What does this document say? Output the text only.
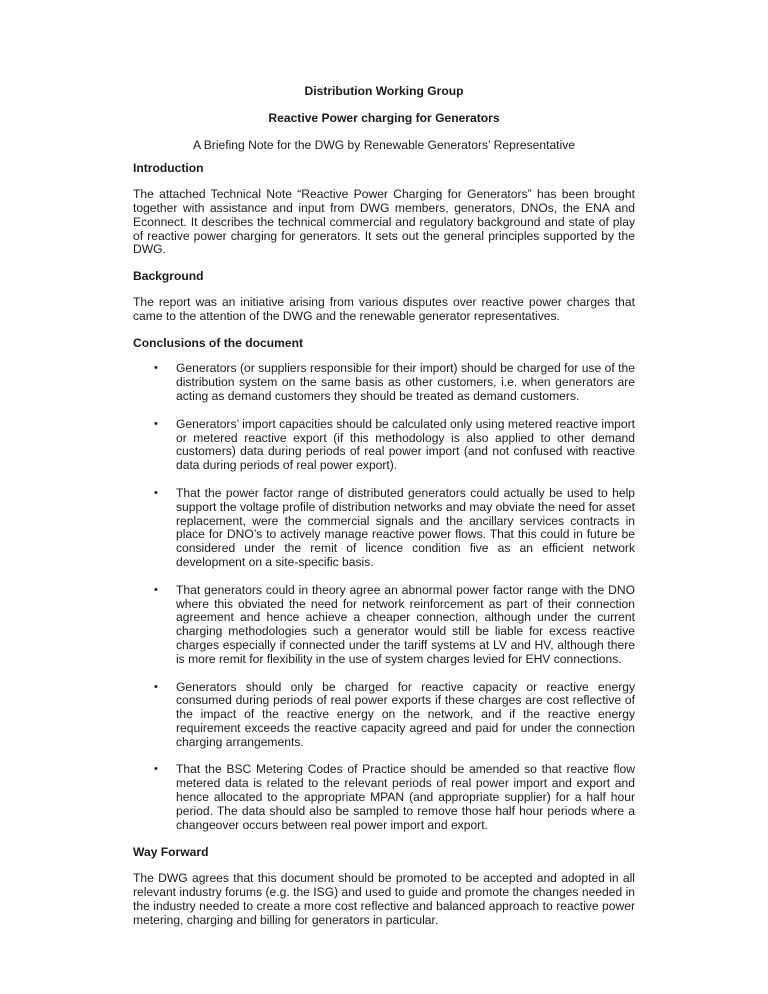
Distribution Working Group
Reactive Power charging for Generators
A Briefing Note for the DWG by Renewable Generators’ Representative
Introduction

The attached Technical Note “Reactive Power Charging for Generators” has been brought together with assistance and input from DWG members, generators, DNOs, the ENA and Econnect. It describes the technical commercial and regulatory background and state of play of reactive power charging for generators. It sets out the general principles supported by the DWG.

Background

The report was an initiative arising from various disputes over reactive power charges that came to the attention of the DWG and the renewable generator representatives.

Conclusions of the document
• Generators (or suppliers responsible for their import) should be charged for use of the distribution system on the same basis as other customers, i.e. when generators are acting as demand customers they should be treated as demand customers.
• Generators’ import capacities should be calculated only using metered reactive import or metered reactive export (if this methodology is also applied to other demand customers) data during periods of real power import (and not confused with reactive data during periods of real power export).
• That the power factor range of distributed generators could actually be used to help support the voltage profile of distribution networks and may obviate the need for asset replacement, were the commercial signals and the ancillary services contracts in place for DNO’s to actively manage reactive power flows. That this could in future be considered under the remit of licence condition five as an efficient network development on a site-specific basis.
• That generators could in theory agree an abnormal power factor range with the DNO where this obviated the need for network reinforcement as part of their connection agreement and hence achieve a cheaper connection, although under the current charging methodologies such a generator would still be liable for excess reactive charges especially if connected under the tariff systems at LV and HV, although there is more remit for flexibility in the use of system charges levied for EHV connections.
• Generators should only be charged for reactive capacity or reactive energy consumed during periods of real power exports if these charges are cost reflective of the impact of the reactive energy on the network, and if the reactive energy requirement exceeds the reactive capacity agreed and paid for under the connection charging arrangements.
• That the BSC Metering Codes of Practice should be amended so that reactive flow metered data is related to the relevant periods of real power import and export and hence allocated to the appropriate MPAN (and appropriate supplier) for a half hour period. The data should also be sampled to remove those half hour periods where a changeover occurs between real power import and export.
Way Forward

The DWG agrees that this document should be promoted to be accepted and adopted in all relevant industry forums (e.g. the ISG) and used to guide and promote the changes needed in the industry needed to create a more cost reflective and balanced approach to reactive power metering, charging and billing for generators in particular.
